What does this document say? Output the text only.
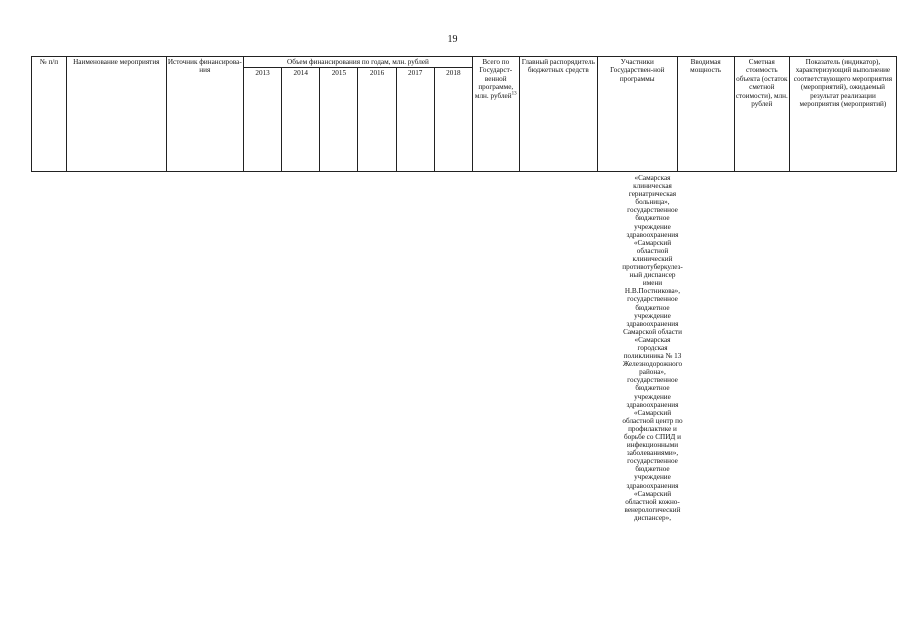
19
№ п/п	Наименование мероприятия	Источник финансирова-ния	Объем финансирования по годам, млн. рублей						Всего по Государст-венной программе, млн. рублей$^{13}$	Главный распорядитель бюджетных средств	Участники Государствен-ной программы	Вводимая мощность	Сметная стоимость объекта (остаток сметной стоимости), млн. рублей	Показатель (индикатор), характеризующий выполнение соответствующего мероприятия (мероприятий), ожидаемый результат реализации мероприятия (мероприятий)
			2013	2014	2015	2016	2017	2018						
«Самарская
клиническая
гериатрическая
больница»,
государственное
бюджетное
учреждение
здравоохранения
«Самарский
областной
клинический
противотуберкулез-
ный диспансер
имени
Н.В.Постникова»,
государственное
бюджетное
учреждение
здравоохранения
Самарской области
«Самарская
городская
поликлиника № 13
Железнодорожного
района»,
государственное
бюджетное
учреждение
здравоохранения
«Самарский
областной центр по
профилактике и
борьбе со СПИД и
инфекционными
заболеваниями»,
государственное
бюджетное
учреждение
здравоохранения
«Самарский
областной кожно-
венерологический
диспансер»,
